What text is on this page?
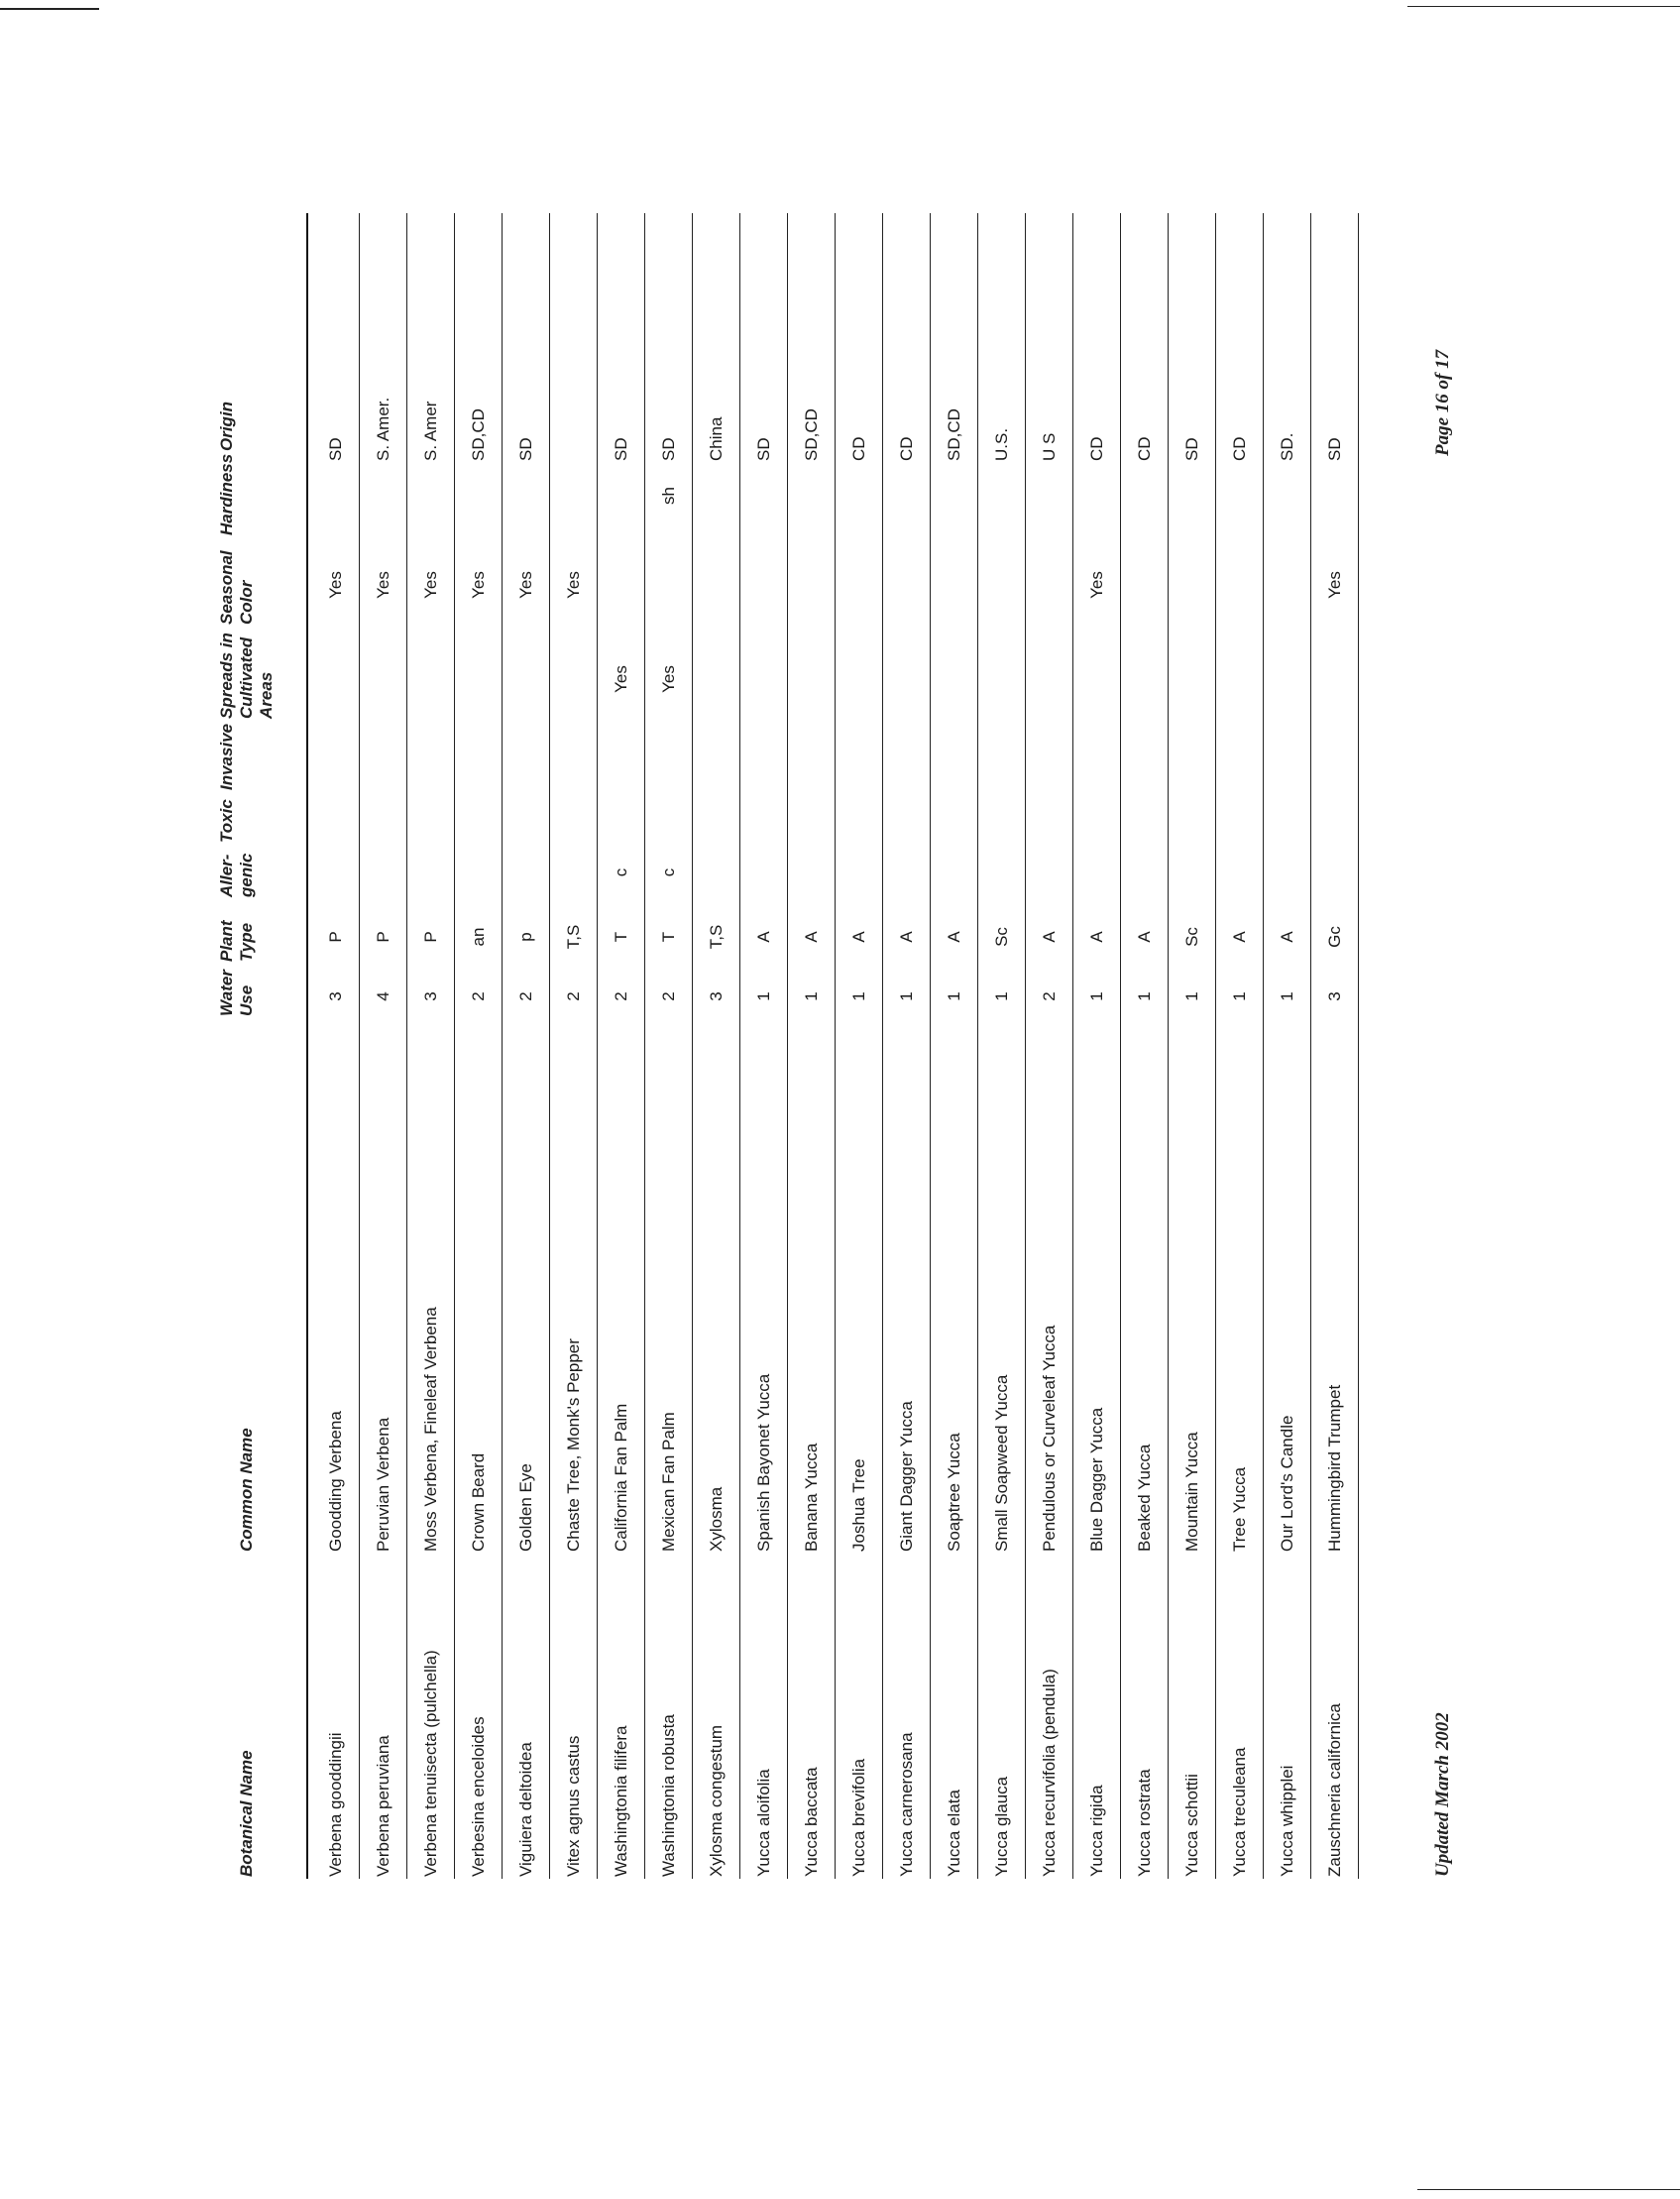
Botanical Name
Common Name
Water Use
Plant Type
Aller- genic
Toxic
Invasive
Spreads in Cultivated Areas
Seasonal Color
Hardiness
Origin
Verbena gooddingii
Goodding Verbena
3
P
Yes
SD
Verbena peruviana
Peruvian Verbena
4
P
Yes
S. Amer.
Verbena tenuisecta (pulchella)
Moss Verbena, Fineleaf Verbena
3
P
Yes
S. Amer
Verbesina enceloides
Crown Beard
2
an
Yes
SD,CD
Viguiera deltoidea
Golden Eye
2
p
Yes
SD
Vitex agnus castus
Chaste Tree, Monk's Pepper
2
T,S
Yes
Washingtonia filifera
California Fan Palm
2
T
c
Yes
SD
Washingtonia robusta
Mexican Fan Palm
2
T
c
Yes
sh
SD
Xylosma congestum
Xylosma
3
T,S
China
Yucca aloifolia
Spanish Bayonet Yucca
1
A
SD
Yucca baccata
Banana Yucca
1
A
SD,CD
Yucca brevifolia
Joshua Tree
1
A
CD
Yucca carnerosana
Giant Dagger Yucca
1
A
CD
Yucca elata
Soaptree Yucca
1
A
SD,CD
Yucca glauca
Small Soapweed Yucca
1
Sc
U.S.
Yucca recurvifolia (pendula)
Pendulous or Curveleaf Yucca
2
A
U S
Yucca rigida
Blue Dagger Yucca
1
A
Yes
CD
Yucca rostrata
Beaked Yucca
1
A
CD
Yucca schottii
Mountain Yucca
1
Sc
SD
Yucca treculeana
Tree Yucca
1
A
CD
Yucca whipplei
Our Lord's Candle
1
A
SD.
Zauschneria californica
Hummingbird Trumpet
3
Gc
Yes
SD
Updated March 2002
Page 16 of 17
